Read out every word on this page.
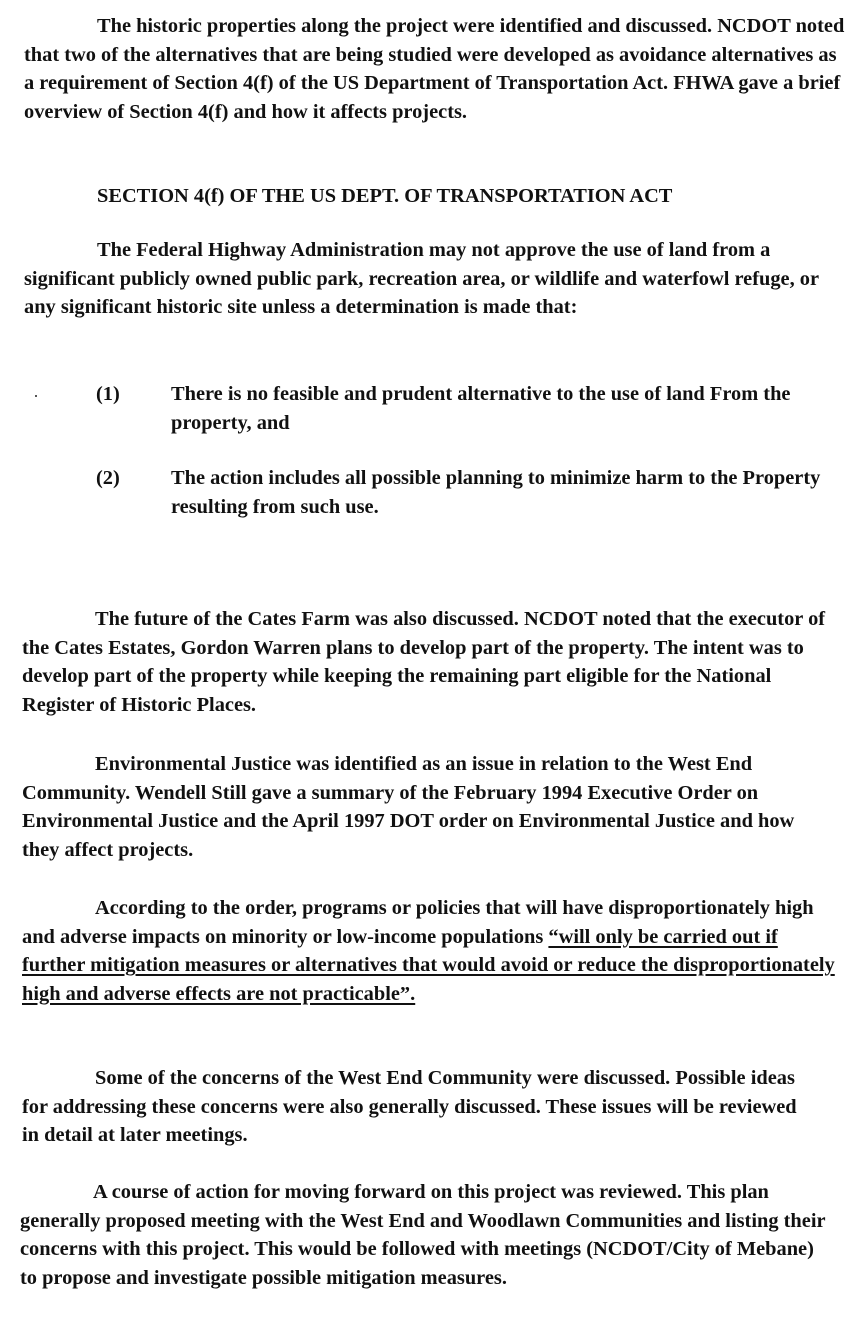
The historic properties along the project were identified and discussed. NCDOT noted that two of the alternatives that are being studied were developed as avoidance alternatives as a requirement of Section 4(f) of the US Department of Transportation Act. FHWA gave a brief overview of Section 4(f) and how it affects projects.

SECTION 4(f) OF THE US DEPT. OF TRANSPORTATION ACT

The Federal Highway Administration may not approve the use of land from a significant publicly owned public park, recreation area, or wildlife and waterfowl refuge, or any significant historic site unless a determination is made that:

(1)	There is no feasible and prudent alternative to the use of land From the property, and
(2)	The action includes all possible planning to minimize harm to the Property resulting from such use.

The future of the Cates Farm was also discussed. NCDOT noted that the executor of the Cates Estates, Gordon Warren plans to develop part of the property. The intent was to develop part of the property while keeping the remaining part eligible for the National Register of Historic Places.

Environmental Justice was identified as an issue in relation to the West End Community. Wendell Still gave a summary of the February 1994 Executive Order on Environmental Justice and the April 1997 DOT order on Environmental Justice and how they affect projects.

According to the order, programs or policies that will have disproportionately high and adverse impacts on minority or low-income populations “will only be carried out if further mitigation measures or alternatives that would avoid or reduce the disproportionately high and adverse effects are not practicable”.

Some of the concerns of the West End Community were discussed. Possible ideas for addressing these concerns were also generally discussed. These issues will be reviewed in detail at later meetings.

A course of action for moving forward on this project was reviewed. This plan generally proposed meeting with the West End and Woodlawn Communities and listing their concerns with this project. This would be followed with meetings (NCDOT/City of Mebane) to propose and investigate possible mitigation measures.
